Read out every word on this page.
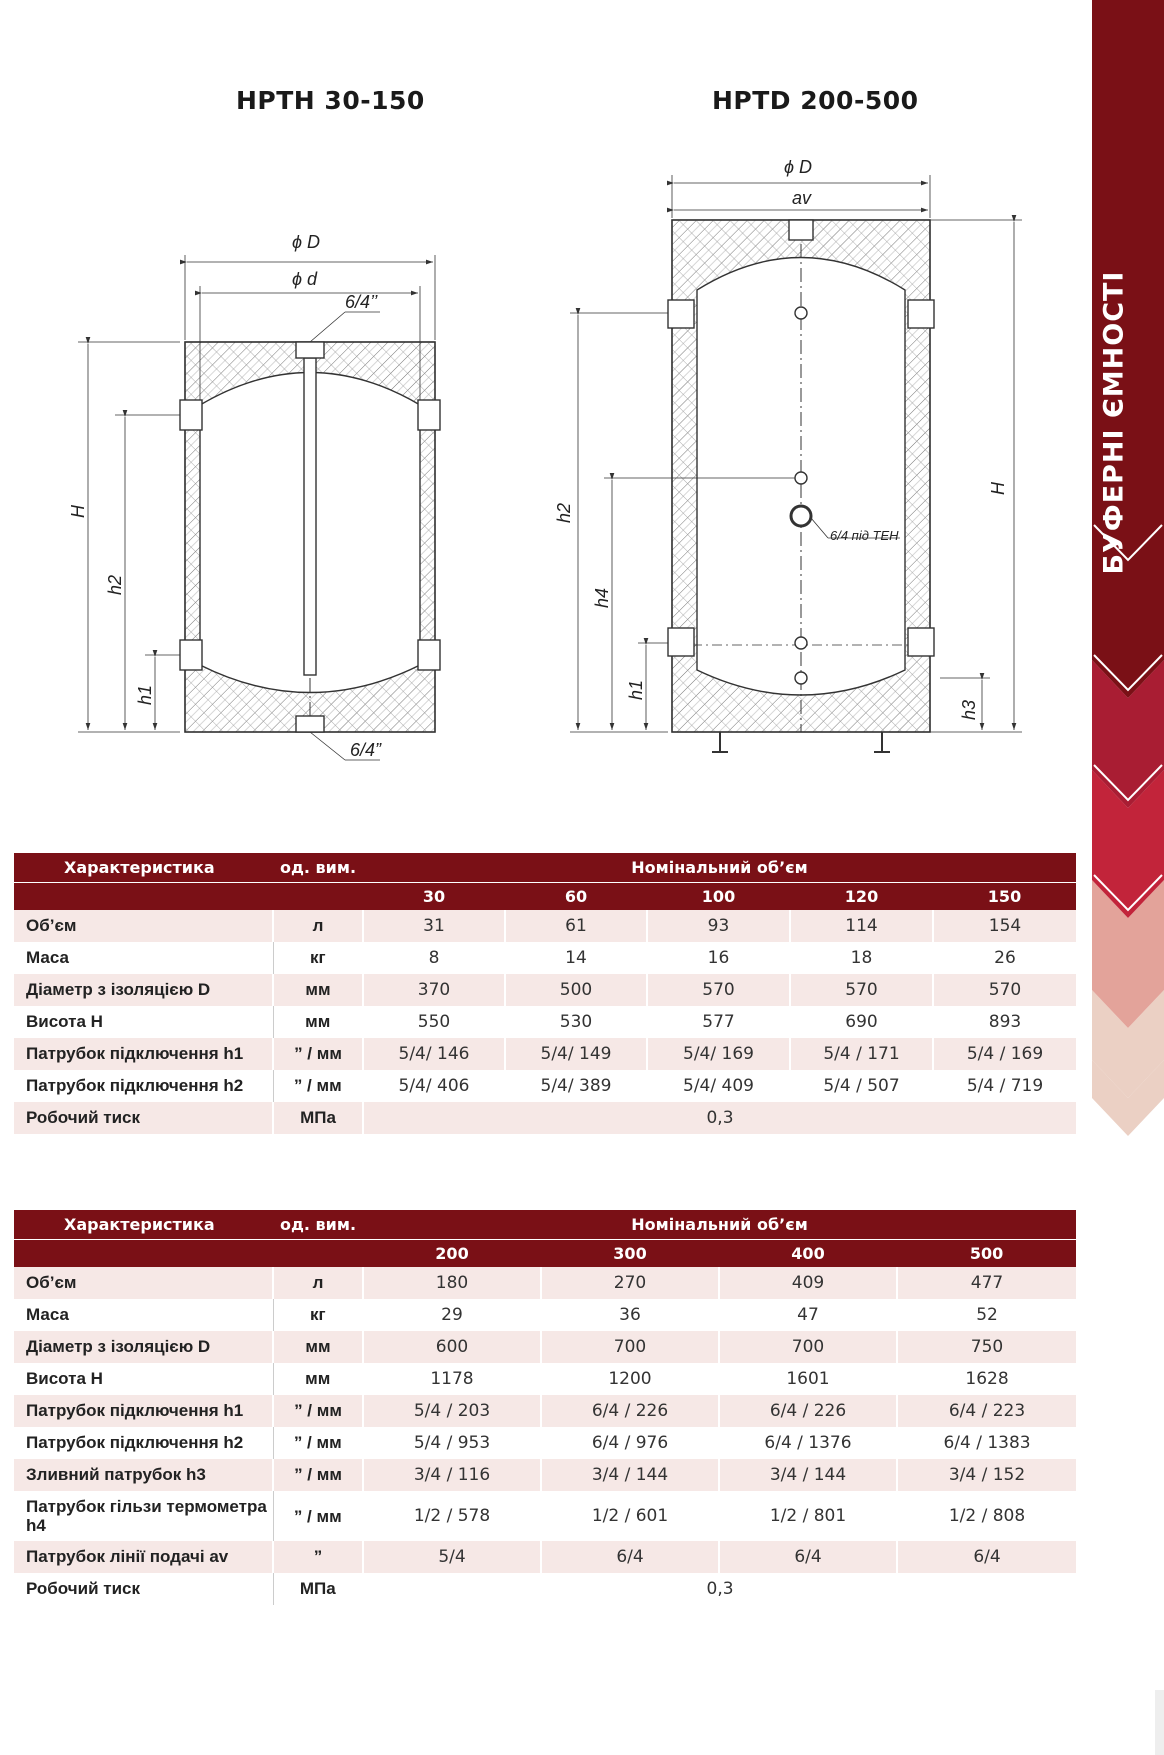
HPTH 30-150	HPTD 200-500
БУФЕРНІ ЄМНОСТІ
ϕ D
ϕ d
6/4’’
6/4”
H
h2
h1
ϕ D
av
H
h2
h4
h1
h3
6/4 під ТЕН
Характеристика	од. вим.	Номінальний об’єм				
		30	60	100	120	150
Об’єм	л	31	61	93	114	154
Маса	кг	8	14	16	18	26
Діаметр з ізоляцією D	мм	370	500	570	570	570
Висота H	мм	550	530	577	690	893
Патрубок підключення h1	” / мм	5/4/ 146	5/4/ 149	5/4/ 169	5/4 / 171	5/4 / 169
Патрубок підключення h2	” / мм	5/4/ 406	5/4/ 389	5/4/ 409	5/4 / 507	5/4 / 719
Робочий тиск	МПа	0,3				
Характеристика	од. вим.	Номінальний об’єм			
		200	300	400	500
Об’єм	л	180	270	409	477
Маса	кг	29	36	47	52
Діаметр з ізоляцією D	мм	600	700	700	750
Висота H	мм	1178	1200	1601	1628
Патрубок підключення h1	” / мм	5/4 / 203	6/4 / 226	6/4 / 226	6/4 / 223
Патрубок підключення h2	” / мм	5/4 / 953	6/4 / 976	6/4 / 1376	6/4 / 1383
Зливний патрубок h3	” / мм	3/4 / 116	3/4 / 144	3/4 / 144	3/4 / 152
Патрубок гільзи термометра h4	” / мм	1/2 / 578	1/2 / 601	1/2 / 801	1/2 / 808
Патрубок лінії подачі av	”	5/4	6/4	6/4	6/4
Робочий тиск	МПа	0,3			
